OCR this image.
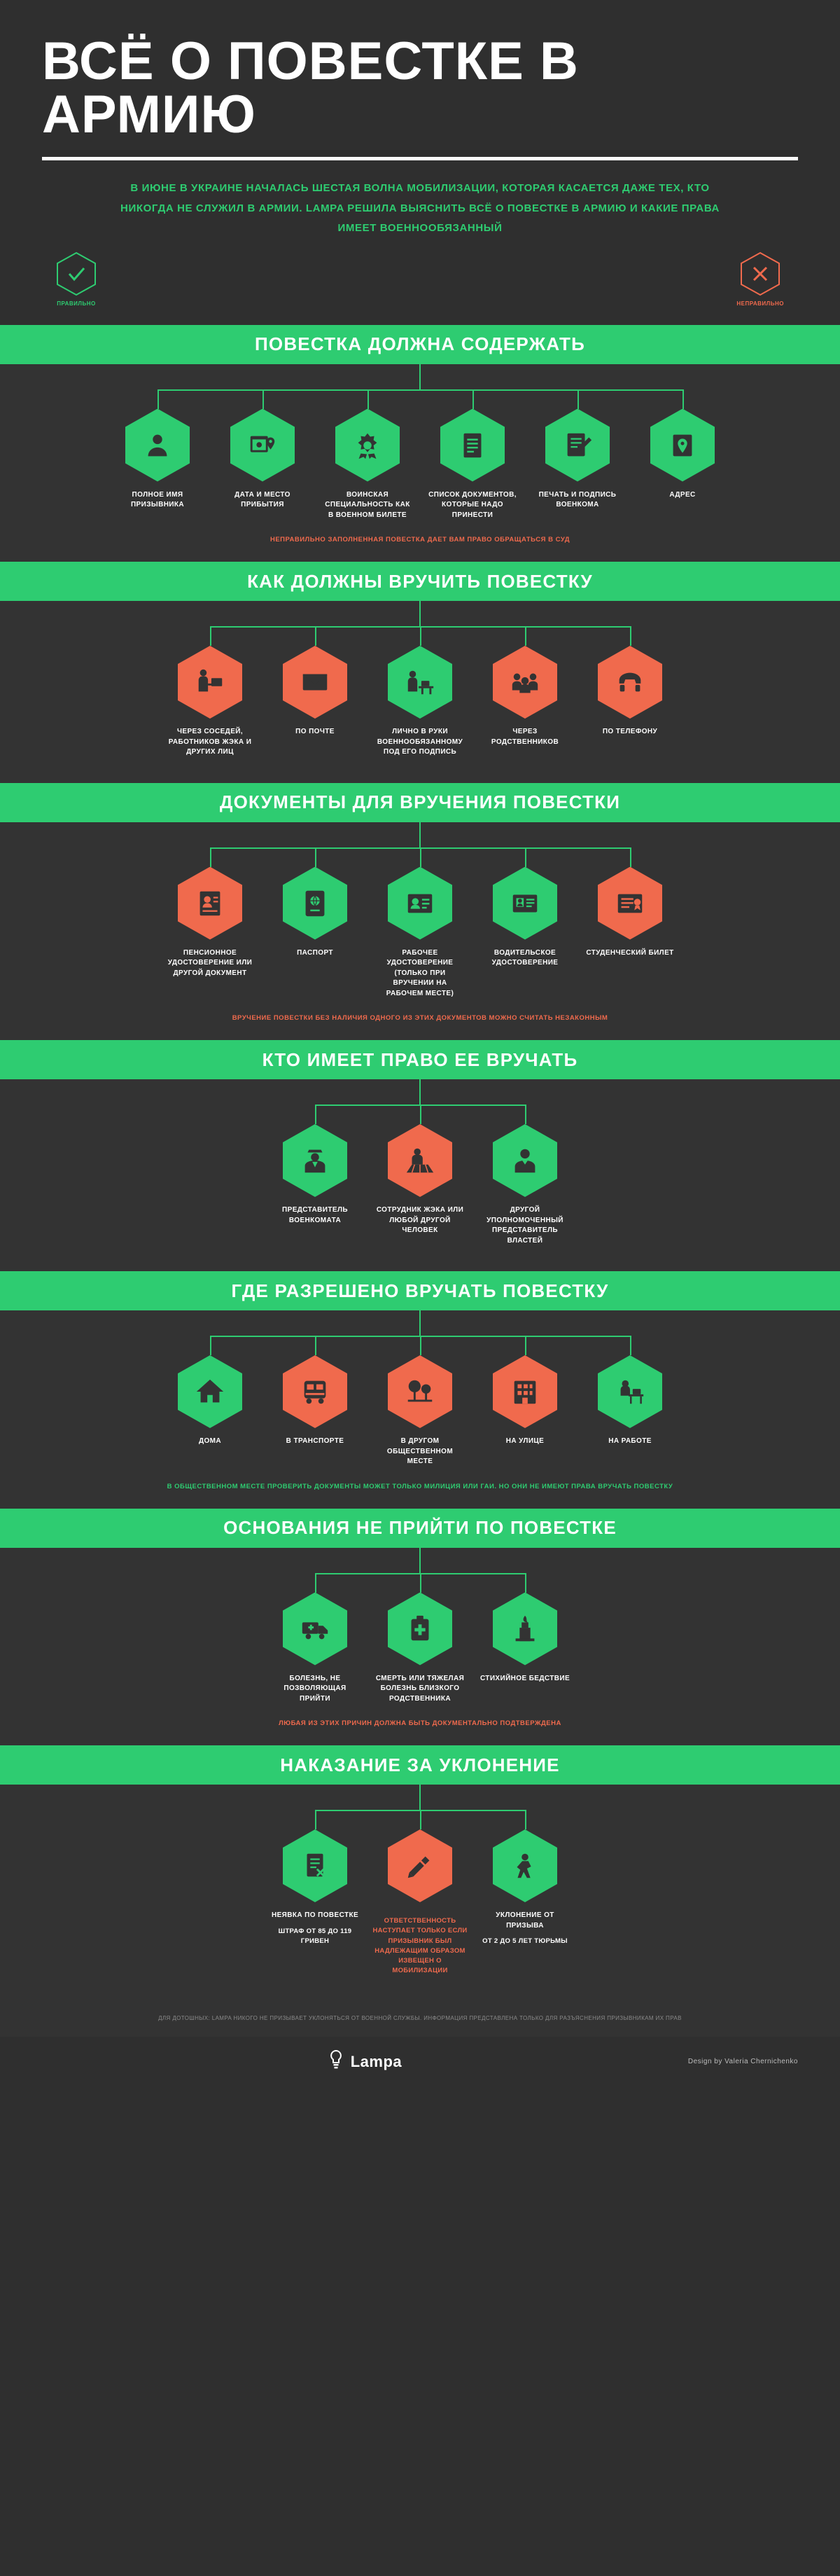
ВСЁ О ПОВЕСТКЕ В АРМИЮ
В ИЮНЕ В УКРАИНЕ НАЧАЛАСЬ ШЕСТАЯ ВОЛНА МОБИЛИЗАЦИИ, КОТОРАЯ КАСАЕТСЯ ДАЖЕ ТЕХ, КТО НИКОГДА НЕ СЛУЖИЛ В АРМИИ. LAMPA РЕШИЛА ВЫЯСНИТЬ ВСЁ О ПОВЕСТКЕ В АРМИЮ И КАКИЕ ПРАВА ИМЕЕТ ВОЕННООБЯЗАННЫЙ
ПРАВИЛЬНО	НЕПРАВИЛЬНО
ПОВЕСТКА ДОЛЖНА СОДЕРЖАТЬ
ПОЛНОЕ ИМЯ ПРИЗЫВНИКА
ДАТА И МЕСТО ПРИБЫТИЯ
ВОИНСКАЯ СПЕЦИАЛЬНОСТЬ КАК В ВОЕННОМ БИЛЕТЕ
СПИСОК ДОКУМЕНТОВ, КОТОРЫЕ НАДО ПРИНЕСТИ
ПЕЧАТЬ И ПОДПИСЬ ВОЕНКОМА
АДРЕС
НЕПРАВИЛЬНО ЗАПОЛНЕННАЯ ПОВЕСТКА ДАЕТ ВАМ ПРАВО ОБРАЩАТЬСЯ В СУД
КАК ДОЛЖНЫ ВРУЧИТЬ ПОВЕСТКУ
ЧЕРЕЗ СОСЕДЕЙ, РАБОТНИКОВ ЖЭКА И ДРУГИХ ЛИЦ
ПО ПОЧТЕ	ЛИЧНО В РУКИ ВОЕННООБЯЗАННОМУ ПОД ЕГО ПОДПИСЬ
ЧЕРЕЗ РОДСТВЕННИКОВ
ПО ТЕЛЕФОНУ
ДОКУМЕНТЫ ДЛЯ ВРУЧЕНИЯ ПОВЕСТКИ
ПЕНСИОННОЕ УДОСТОВЕРЕНИЕ ИЛИ ДРУГОЙ ДОКУМЕНТ
ПАСПОРТ	РАБОЧЕЕ УДОСТОВЕРЕНИЕ (ТОЛЬКО ПРИ ВРУЧЕНИИ НА РАБОЧЕМ МЕСТЕ)
ВОДИТЕЛЬСКОЕ УДОСТОВЕРЕНИЕ
СТУДЕНЧЕСКИЙ БИЛЕТ
ВРУЧЕНИЕ ПОВЕСТКИ БЕЗ НАЛИЧИЯ ОДНОГО ИЗ ЭТИХ ДОКУМЕНТОВ МОЖНО СЧИТАТЬ НЕЗАКОННЫМ
КТО ИМЕЕТ ПРАВО ЕЕ ВРУЧАТЬ
ПРЕДСТАВИТЕЛЬ ВОЕНКОМАТА
СОТРУДНИК ЖЭКА ИЛИ ЛЮБОЙ ДРУГОЙ ЧЕЛОВЕК
ДРУГОЙ УПОЛНОМОЧЕННЫЙ ПРЕДСТАВИТЕЛЬ ВЛАСТЕЙ
ГДЕ РАЗРЕШЕНО ВРУЧАТЬ ПОВЕСТКУ
ДОМА	В ТРАНСПОРТЕ	В ДРУГОМ ОБЩЕСТВЕННОМ МЕСТЕ
НА УЛИЦЕ	НА РАБОТЕ
В ОБЩЕСТВЕННОМ МЕСТЕ ПРОВЕРИТЬ ДОКУМЕНТЫ МОЖЕТ ТОЛЬКО МИЛИЦИЯ ИЛИ ГАИ. НО ОНИ НЕ ИМЕЮТ ПРАВА ВРУЧАТЬ ПОВЕСТКУ
ОСНОВАНИЯ НЕ ПРИЙТИ ПО ПОВЕСТКЕ
БОЛЕЗНЬ, НЕ ПОЗВОЛЯЮЩАЯ ПРИЙТИ
СМЕРТЬ ИЛИ ТЯЖЕЛАЯ БОЛЕЗНЬ БЛИЗКОГО РОДСТВЕННИКА
СТИХИЙНОЕ БЕДСТВИЕ
ЛЮБАЯ ИЗ ЭТИХ ПРИЧИН ДОЛЖНА БЫТЬ ДОКУМЕНТАЛЬНО ПОДТВЕРЖДЕНА
НАКАЗАНИЕ ЗА УКЛОНЕНИЕ
НЕЯВКА ПО ПОВЕСТКЕ
ШТРАФ ОТ 85 ДО 119 ГРИВЕН
ОТВЕТСТВЕННОСТЬ НАСТУПАЕТ ТОЛЬКО ЕСЛИ ПРИЗЫВНИК БЫЛ НАДЛЕЖАЩИМ ОБРАЗОМ ИЗВЕЩЕН О МОБИЛИЗАЦИИ
УКЛОНЕНИЕ ОТ ПРИЗЫВА
ОТ 2 ДО 5 ЛЕТ ТЮРЬМЫ
ДЛЯ ДОТОШНЫХ: LAMPA НИКОГО НЕ ПРИЗЫВАЕТ УКЛОНЯТЬСЯ ОТ ВОЕННОЙ СЛУЖБЫ. ИНФОРМАЦИЯ ПРЕДСТАВЛЕНА ТОЛЬКО ДЛЯ РАЗЪЯСНЕНИЯ ПРИЗЫВНИКАМ ИХ ПРАВ
Lampa	Design by Valeria Chernichenko
